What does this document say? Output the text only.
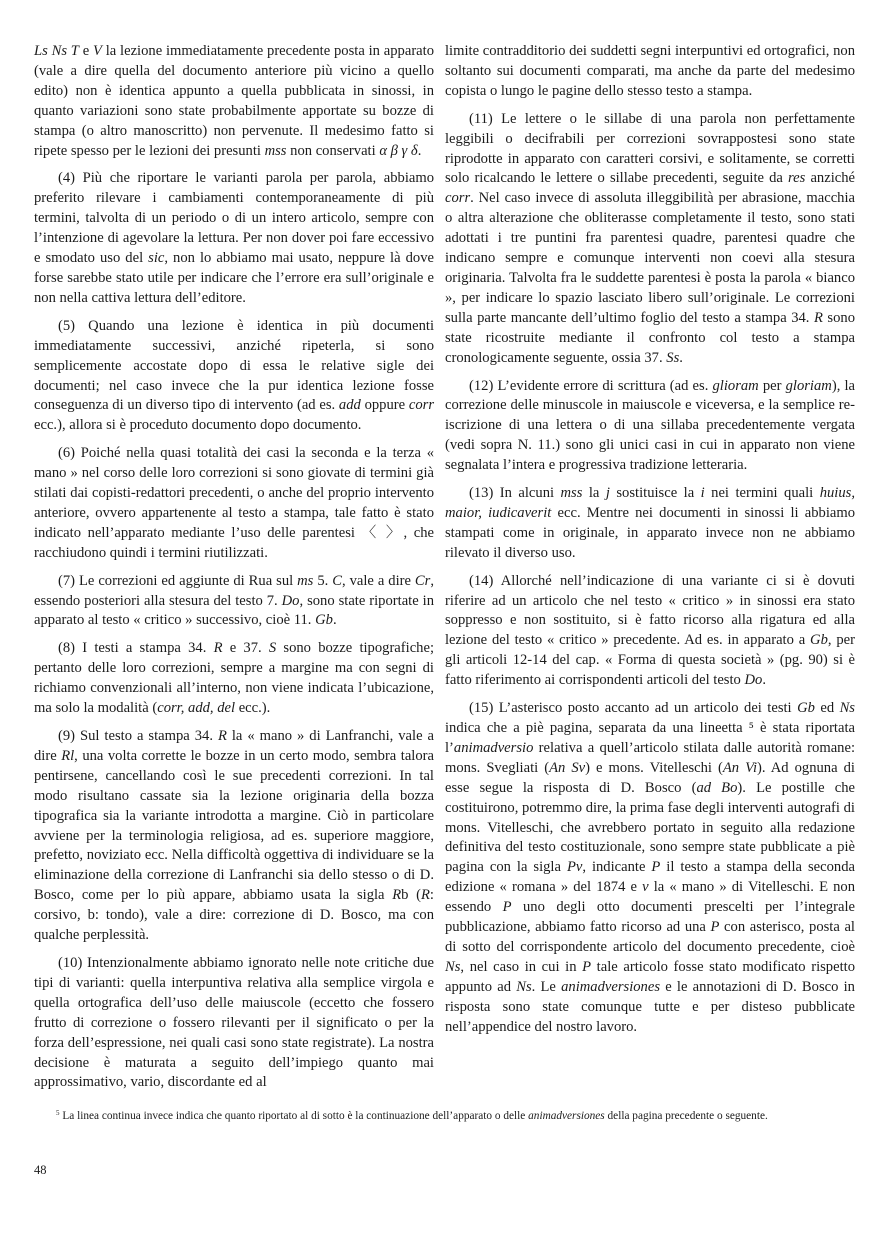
Ls Ns T e V la lezione immediatamente precedente posta in apparato (vale a dire quella del documento anteriore più vicino a quello edito) non è identica appunto a quella pubblicata in sinossi, in quanto variazioni sono state probabilmente apportate su bozze di stampa (o altro manoscritto) non pervenute. Il medesimo fatto si ripete spesso per le lezioni dei presunti mss non conservati α β γ δ.

(4) Più che riportare le varianti parola per parola, abbiamo preferito rilevare i cambiamenti contemporaneamente di più termini, talvolta di un periodo o di un intero articolo, sempre con l’intenzione di agevolare la lettura. Per non dover poi fare eccessivo e smodato uso del sic, non lo abbiamo mai usato, neppure là dove forse sarebbe stato utile per indicare che l’errore era sull’originale e non nella cattiva lettura dell’editore.

(5) Quando una lezione è identica in più documenti immediatamente successivi, anziché ripeterla, si sono semplicemente accostate dopo di essa le relative sigle dei documenti; nel caso invece che la pur identica lezione fosse conseguenza di un diverso tipo di intervento (ad es. add oppure corr ecc.), allora si è proceduto documento dopo documento.

(6) Poiché nella quasi totalità dei casi la seconda e la terza « mano » nel corso delle loro correzioni si sono giovate di termini già stilati dai copisti-redattori precedenti, o anche del proprio intervento anteriore, ovvero appartenente al testo a stampa, tale fatto è stato indicato nell’apparato mediante l’uso delle parentesi 〈 〉, che racchiudono quindi i termini riutilizzati.

(7) Le correzioni ed aggiunte di Rua sul ms 5. C, vale a dire Cr, essendo posteriori alla stesura del testo 7. Do, sono state riportate in apparato al testo « critico » successivo, cioè 11. Gb.

(8) I testi a stampa 34. R e 37. S sono bozze tipografiche; pertanto delle loro correzioni, sempre a margine ma con segni di richiamo convenzionali all’interno, non viene indicata l’ubicazione, ma solo la modalità (corr, add, del ecc.).

(9) Sul testo a stampa 34. R la « mano » di Lanfranchi, vale a dire Rl, una volta corrette le bozze in un certo modo, sembra talora pentirsene, cancellando così le sue precedenti correzioni. In tal modo risultano cassate sia la lezione originaria della bozza tipografica sia la variante introdotta a margine. Ciò in particolare avviene per la terminologia religiosa, ad es. superiore maggiore, prefetto, noviziato ecc. Nella difficoltà oggettiva di individuare se la eliminazione della correzione di Lanfranchi sia dello stesso o di D. Bosco, come per lo più appare, abbiamo usata la sigla Rb (R: corsivo, b: tondo), vale a dire: correzione di D. Bosco, ma con qualche perplessità.

(10) Intenzionalmente abbiamo ignorato nelle note critiche due tipi di varianti: quella interpuntiva relativa alla semplice virgola e quella ortografica dell’uso delle maiuscole (eccetto che fossero frutto di correzione o fossero rilevanti per il significato o per la forza dell’espressione, nei quali casi sono state registrate). La nostra decisione è maturata a seguito dell’impiego quanto mai approssimativo, vario, discordante ed al

limite contradditorio dei suddetti segni interpuntivi ed ortografici, non soltanto sui documenti comparati, ma anche da parte del medesimo copista o lungo le pagine dello stesso testo a stampa.

(11) Le lettere o le sillabe di una parola non perfettamente leggibili o decifrabili per correzioni sovrappostesi sono state riprodotte in apparato con caratteri corsivi, e solitamente, se corretti solo ricalcando le lettere o sillabe precedenti, seguite da res anziché corr. Nel caso invece di assoluta illeggibilità per abrasione, macchia o altra alterazione che obliterasse completamente il testo, sono stati adottati i tre puntini fra parentesi quadre, parentesi quadre che indicano sempre e comunque interventi non coevi alla stesura originaria. Talvolta fra le suddette parentesi è posta la parola « bianco », per indicare lo spazio lasciato libero sull’originale. Le correzioni sulla parte mancante dell’ultimo foglio del testo a stampa 34. R sono state ricostruite mediante il confronto col testo a stampa cronologicamente seguente, ossia 37. Ss.

(12) L’evidente errore di scrittura (ad es. glioram per gloriam), la correzione delle minuscole in maiuscole e viceversa, e la semplice re-iscrizione di una lettera o di una sillaba precedentemente vergata (vedi sopra N. 11.) sono gli unici casi in cui in apparato non viene segnalata l’intera e progressiva tradizione letteraria.

(13) In alcuni mss la j sostituisce la i nei termini quali huius, maior, iudicaverit ecc. Mentre nei documenti in sinossi li abbiamo stampati come in originale, in apparato invece non ne abbiamo rilevato il diverso uso.

(14) Allorché nell’indicazione di una variante ci si è dovuti riferire ad un articolo che nel testo « critico » in sinossi era stato soppresso e non sostituito, si è fatto ricorso alla rigatura ed alla lezione del testo « critico » precedente. Ad es. in apparato a Gb, per gli articoli 12-14 del cap. « Forma di questa società » (pg. 90) si è fatto riferimento ai corrispondenti articoli del testo Do.

(15) L’asterisco posto accanto ad un articolo dei testi Gb ed Ns indica che a piè pagina, separata da una lineetta ⁵ è stata riportata l’animadversio relativa a quell’articolo stilata dalle autorità romane: mons. Svegliati (An Sv) e mons. Vitelleschi (An Vi). Ad ognuna di esse segue la risposta di D. Bosco (ad Bo). Le postille che costituirono, potremmo dire, la prima fase degli interventi autografi di mons. Vitelleschi, che avrebbero portato in seguito alla redazione definitiva del testo costituzionale, sono sempre state pubblicate a piè pagina con la sigla Pv, indicante P il testo a stampa della seconda edizione « romana » del 1874 e v la « mano » di Vitelleschi. E non essendo P uno degli otto documenti prescelti per l’integrale pubblicazione, abbiamo fatto ricorso ad una P con asterisco, posta al di sotto del corrispondente articolo del documento precedente, cioè Ns, nel caso in cui in P tale articolo fosse stato modificato rispetto appunto ad Ns. Le animadversiones e le annotazioni di D. Bosco in risposta sono state comunque tutte e per disteso pubblicate nell’appendice del nostro lavoro.

$^5$ La linea continua invece indica che quanto riportato al di sotto è la continuazione dell’apparato o delle animadversiones della pagina precedente o seguente.
48
